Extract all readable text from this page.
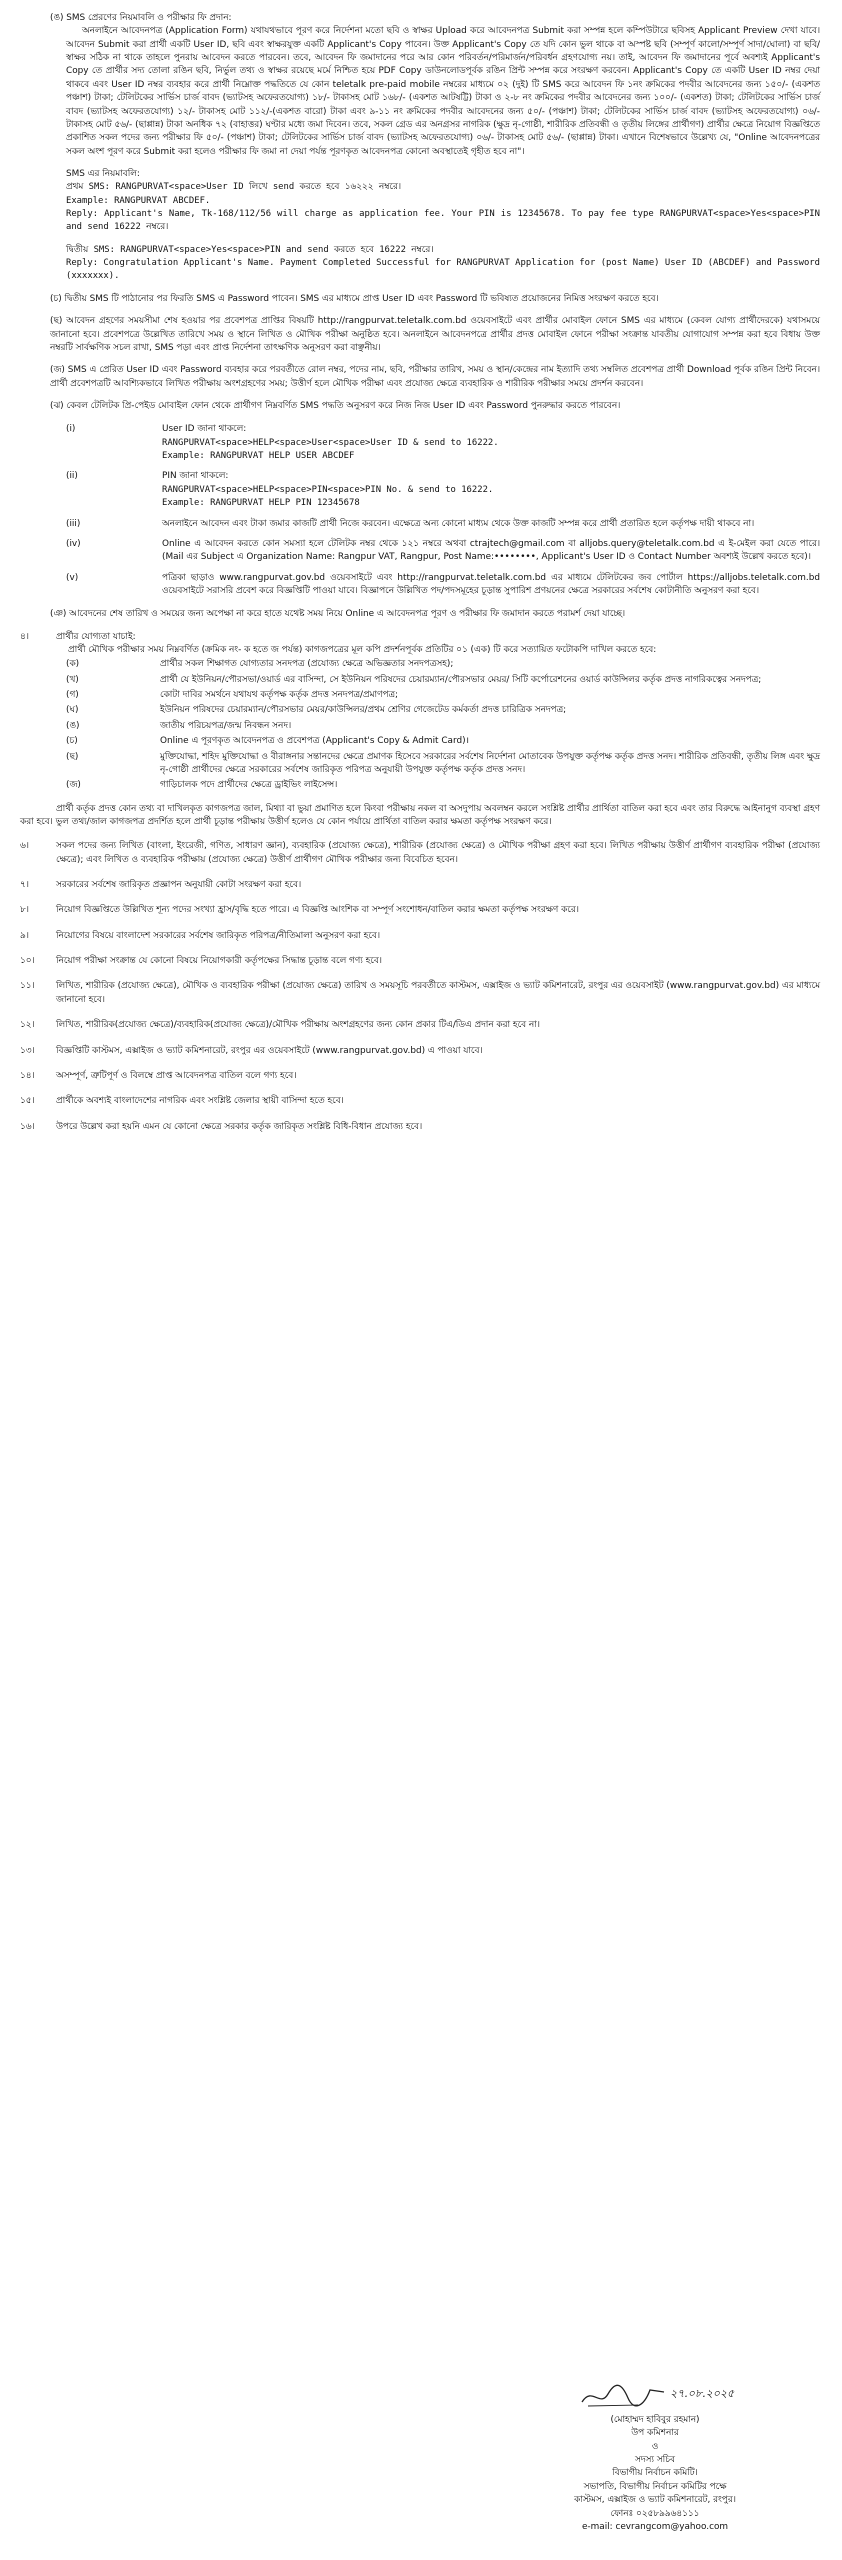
(ঙ) SMS প্রেরণের নিয়মাবলি ও পরীক্ষার ফি প্রদান:

অনলাইনে আবেদনপত্র (Application Form) যথাযথভাবে পূরণ করে নির্দেশনা মতো ছবি ও স্বাক্ষর Upload করে আবেদনপত্র Submit করা সম্পন্ন হলে কম্পিউটারে ছবিসহ Applicant Preview দেখা যাবে। আবেদন Submit করা প্রার্থী একটি User ID, ছবি এবং স্বাক্ষরযুক্ত একটি Applicant's Copy পাবেন। উক্ত Applicant's Copy তে যদি কোন ভুল থাকে বা অস্পষ্ট ছবি (সম্পূর্ণ কালো/সম্পূর্ণ সাদা/ঘোলা) বা ছবি/স্বাক্ষর সঠিক না থাকে তাহলে পুনরায় আবেদন করতে পারবেন। তবে, আবেদন ফি জমাদানের পরে আর কোন পরিবর্তন/পরিমার্জন/পরিবর্ধন গ্রহণযোগ্য নয়। তাই, আবেদন ফি জমাদানের পূর্বে অবশ্যই Applicant's Copy তে প্রার্থীর সদ্য তোলা রঙিন ছবি, নির্ভুল তথ্য ও স্বাক্ষর রয়েছে মর্মে নিশ্চিত হয়ে PDF Copy ডাউনলোডপূর্বক রঙিন প্রিন্ট সম্পন্ন করে সংরক্ষণ করবেন। Applicant's Copy তে একটি User ID নম্বর দেয়া থাকবে এবং User ID নম্বর ব্যবহার করে প্রার্থী নিম্নোক্ত পদ্ধতিতে যে কোন teletalk pre-paid mobile নম্বরের মাধ্যমে ০২ (দুই) টি SMS করে আবেদন ফি ১নং ক্রমিকের পদবীর আবেদনের জন্য ১৫০/- (একশত পঞ্চাশ) টাকা; টেলিটকের সার্ভিস চার্জ বাবদ (ভ্যাটসহ অফেরতযোগ্য) ১৮/- টাকাসহ মোট ১৬৮/- (একশত আটষট্টি) টাকা ও ২-৮ নং ক্রমিকের পদবীর আবেদনের জন্য ১০০/- (একশত) টাকা; টেলিটকের সার্ভিস চার্জ বাবদ (ভ্যাটসহ অফেরতযোগ্য) ১২/- টাকাসহ মোট ১১২/-(একশত বারো) টাকা এবং ৯-১১ নং ক্রমিকের পদবীর আবেদনের জন্য ৫০/- (পঞ্চাশ) টাকা; টেলিটকের সার্ভিস চার্জ বাবদ (ভ্যাটসহ অফেরতযোগ্য) ০৬/- টাকাসহ মোট ৫৬/- (ছাপ্পান্ন) টাকা অনধিক ৭২ (বাহাত্তর) ঘণ্টার মধ্যে জমা দিবেন। তবে, সকল গ্রেড এর অনগ্রসর নাগরিক (ক্ষুদ্র নৃ-গোষ্ঠী, শারীরিক প্রতিবন্ধী ও তৃতীয় লিঙ্গের প্রার্থীগণ) প্রার্থীর ক্ষেত্রে নিয়োগ বিজ্ঞপ্তিতে প্রকাশিত সকল পদের জন্য পরীক্ষার ফি ৫০/- (পঞ্চাশ) টাকা; টেলিটকের সার্ভিস চার্জ বাবদ (ভ্যাটসহ অফেরতযোগ্য) ০৬/- টাকাসহ মোট ৫৬/- (ছাপ্পান্ন) টাকা। এখানে বিশেষভাবে উল্লেখ্য যে, "Online আবেদনপত্রের সকল অংশ পূরণ করে Submit করা হলেও পরীক্ষার ফি জমা না দেয়া পর্যন্ত পূরণকৃত আবেদনপত্র কোনো অবস্থাতেই গৃহীত হবে না"।

SMS এর নিয়মাবলি:

প্রথম SMS: RANGPURVAT<space>User ID লিখে send করতে হবে ১৬২২২ নম্বরে।

Example: RANGPURVAT ABCDEF.

Reply: Applicant's Name, Tk-168/112/56 will charge as application fee. Your PIN is 12345678. To pay fee type RANGPURVAT<space>Yes<space>PIN and send 16222 নম্বরে।

দ্বিতীয় SMS: RANGPURVAT<space>Yes<space>PIN and send করতে হবে 16222 নম্বরে।

Reply: Congratulation Applicant's Name. Payment Completed Successful for RANGPURVAT Application for (post Name) User ID (ABCDEF) and Password (xxxxxxx).

(চ) দ্বিতীয় SMS টি পাঠানোর পর ফিরতি SMS এ Password পাবেন। SMS এর মাধ্যমে প্রাপ্ত User ID এবং Password টি ভবিষ্যত প্রয়োজনের নিমিত্ত সংরক্ষণ করতে হবে।

(ছ) আবেদন গ্রহণের সময়সীমা শেষ হওয়ার পর প্রবেশপত্র প্রাপ্তির বিষয়টি http://rangpurvat.teletalk.com.bd ওয়েবসাইটে এবং প্রার্থীর মোবাইল ফোনে SMS এর মাধ্যমে (কেবল যোগ্য প্রার্থীদেরকে) যথাসময়ে জানানো হবে। প্রবেশপত্রে উল্লেখিত তারিখে সময় ও স্থানে লিখিত ও মৌখিক পরীক্ষা অনুষ্ঠিত হবে। অনলাইনে আবেদনপত্রে প্রার্থীর প্রদত্ত মোবাইল ফোনে পরীক্ষা সংক্রান্ত যাবতীয় যোগাযোগ সম্পন্ন করা হবে বিধায় উক্ত নম্বরটি সার্বক্ষণিক সচল রাখা, SMS পড়া এবং প্রাপ্ত নির্দেশনা তাৎক্ষণিক অনুসরণ করা বাঞ্ছনীয়।

(জ) SMS এ প্রেরিত User ID এবং Password ব্যবহার করে পরবর্তীতে রোল নম্বর, পদের নাম, ছবি, পরীক্ষার তারিখ, সময় ও স্থান/কেন্দ্রের নাম ইত্যাদি তথ্য সম্বলিত প্রবেশপত্র প্রার্থী Download পূর্বক রঙিন প্রিন্ট নিবেন। প্রার্থী প্রবেশপত্রটি আবশ্যিকভাবে লিখিত পরীক্ষায় অংশগ্রহণের সময়; উত্তীর্ণ হলে মৌখিক পরীক্ষা এবং প্রযোজ্য ক্ষেত্রে ব্যবহারিক ও শারীরিক পরীক্ষার সময়ে প্রদর্শন করবেন।

(ঝ) কেবল টেলিটক প্রি-পেইড মোবাইল ফোন থেকে প্রার্থীগণ নিম্নবর্ণিত SMS পদ্ধতি অনুসরণ করে নিজ নিজ User ID এবং Password পুনরুদ্ধার করতে পারবেন।

(i)	User ID জানা থাকলে:
RANGPURVAT<space>HELP<space>User<space>User ID & send to 16222.
Example: RANGPURVAT HELP USER ABCDEF

(ii)	PIN জানা থাকলে:
RANGPURVAT<space>HELP<space>PIN<space>PIN No. & send to 16222.
Example: RANGPURVAT HELP PIN 12345678

(iii)	অনলাইনে আবেদন এবং টাকা জমার কাজটি প্রার্থী নিজে করবেন। এক্ষেত্রে অন্য কোনো মাধ্যম থেকে উক্ত কাজটি সম্পন্ন করে প্রার্থী প্রতারিত হলে কর্তৃপক্ষ দায়ী থাকবে না।
(iv)	Online এ আবেদন করতে কোন সমস্যা হলে টেলিটক নম্বর থেকে ১২১ নম্বরে অথবা ctrajtech@gmail.com বা alljobs.query@teletalk.com.bd এ ই-মেইল করা যেতে পারে। (Mail এর Subject এ Organization Name: Rangpur VAT, Rangpur, Post Name:••••••••, Applicant's User ID ও Contact Number অবশ্যই উল্লেখ করতে হবে)।
(v)	পত্রিকা ছাড়াও www.rangpurvat.gov.bd ওয়েবসাইটে এবং http://rangpurvat.teletalk.com.bd এর মাধ্যমে টেলিটকের জব পোর্টাল https://alljobs.teletalk.com.bd ওয়েবসাইটে সরাসরি প্রবেশ করে বিজ্ঞপ্তিটি পাওয়া যাবে। বিজ্ঞাপনে উল্লিখিত পদ/পদসমূহের চূড়ান্ত সুপারিশ প্রণয়নের ক্ষেত্রে সরকারের সর্বশেষ কোটানীতি অনুসরণ করা হবে।

(ঞ) আবেদনের শেষ তারিখ ও সময়ের জন্য অপেক্ষা না করে হাতে যথেষ্ট সময় নিয়ে Online এ আবেদনপত্র পূরণ ও পরীক্ষার ফি জমাদান করতে পরামর্শ দেয়া যাচ্ছে।

৪।	প্রার্থীর যোগ্যতা যাচাই:

প্রার্থী মৌখিক পরীক্ষার সময় নিম্নবর্ণিত (ক্রমিক নং- ক হতে জ পর্যন্ত) কাগজপত্রের মূল কপি প্রদর্শনপূর্বক প্রতিটির ০১ (এক) টি করে সত্যায়িত ফটোকপি দাখিল করতে হবে:

(ক)	প্রার্থীর সকল শিক্ষাগত যোগ্যতার সনদপত্র (প্রযোজ্য ক্ষেত্রে অভিজ্ঞতার সনদপত্রসহ);
(খ)	প্রার্থী যে ইউনিয়ন/পৌরসভা/ওয়ার্ড এর বাসিন্দা, সে ইউনিয়ন পরিষদের চেয়ারম্যান/পৌরসভার মেয়র/ সিটি কর্পোরেশনের ওয়ার্ড কাউন্সিলর কর্তৃক প্রদত্ত নাগরিকত্বের সনদপত্র;
(গ)	কোটা দাবির সমর্থনে যথাযথ কর্তৃপক্ষ কর্তৃক প্রদত্ত সনদপত্র/প্রমাণপত্র;
(ঘ)	ইউনিয়ন পরিষদের চেয়ারম্যান/পৌরসভার মেয়র/কাউন্সিলর/প্রথম শ্রেণির গেজেটেড কর্মকর্তা প্রদত্ত চারিত্রিক সনদপত্র;
(ঙ)	জাতীয় পরিচয়পত্র/জন্ম নিবন্ধন সনদ।
(চ)	Online এ পূরণকৃত আবেদনপত্র ও প্রবেশপত্র (Applicant's Copy & Admit Card)।
(ছ)	মুক্তিযোদ্ধা, শহিদ মুক্তিযোদ্ধা ও বীরাঙ্গনার সন্তানদের ক্ষেত্রে প্রমাণক হিসেবে সরকারের সর্বশেষ নির্দেশনা মোতাবেক উপযুক্ত কর্তৃপক্ষ কর্তৃক প্রদত্ত সনদ। শারীরিক প্রতিবন্ধী, তৃতীয় লিঙ্গ এবং ক্ষুদ্র নৃ-গোষ্ঠী প্রার্থীদের ক্ষেত্রে সরকারের সর্বশেষ জারিকৃত পরিপত্র অনুযায়ী উপযুক্ত কর্তৃপক্ষ কর্তৃক প্রদত্ত সনদ।
(জ)	গাড়িচালক পদে প্রার্থীদের ক্ষেত্রে ড্রাইভিং লাইসেন্স।

প্রার্থী কর্তৃক প্রদত্ত কোন তথ্য বা দাখিলকৃত কাগজপত্র জাল, মিথ্যা বা ভুয়া প্রমাণিত হলে কিংবা পরীক্ষায় নকল বা অসদুপায় অবলম্বন করলে সংশ্লিষ্ট প্রার্থীর প্রার্থিতা বাতিল করা হবে এবং তার বিরুদ্ধে আইনানুগ ব্যবস্থা গ্রহণ করা হবে। ভুল তথ্য/জাল কাগজপত্র প্রদর্শিত হলে প্রার্থী চূড়ান্ত পরীক্ষায় উত্তীর্ণ হলেও যে কোন পর্যায়ে প্রার্থিতা বাতিল করার ক্ষমতা কর্তৃপক্ষ সংরক্ষণ করে।

৬।	সকল পদের জন্য লিখিত (বাংলা, ইংরেজী, গণিত, সাধারণ জ্ঞান), ব্যবহারিক (প্রযোজ্য ক্ষেত্রে), শারীরিক (প্রযোজ্য ক্ষেত্রে) ও মৌখিক পরীক্ষা গ্রহণ করা হবে। লিখিত পরীক্ষায় উত্তীর্ণ প্রার্থীগণ ব্যবহারিক পরীক্ষা (প্রযোজ্য ক্ষেত্রে); এবং লিখিত ও ব্যবহারিক পরীক্ষায় (প্রযোজ্য ক্ষেত্রে) উত্তীর্ণ প্রার্থীগণ মৌখিক পরীক্ষার জন্য বিবেচিত হবেন।
৭।	সরকারের সর্বশেষ জারিকৃত প্রজ্ঞাপন অনুযায়ী কোটা সংরক্ষণ করা হবে।
৮।	নিয়োগ বিজ্ঞপ্তিতে উল্লিখিত শূন্য পদের সংখ্যা হ্রাস/বৃদ্ধি হতে পারে। এ বিজ্ঞপ্তি আংশিক বা সম্পূর্ণ সংশোধন/বাতিল করার ক্ষমতা কর্তৃপক্ষ সংরক্ষণ করে।
৯।	নিয়োগের বিষয়ে বাংলাদেশ সরকারের সর্বশেষ জারিকৃত পরিপত্র/নীতিমালা অনুসরণ করা হবে।
১০।	নিয়োগ পরীক্ষা সংক্রান্ত যে কোনো বিষয়ে নিয়োগকারী কর্তৃপক্ষের সিদ্ধান্ত চূড়ান্ত বলে গণ্য হবে।
১১।	লিখিত, শারীরিক (প্রযোজ্য ক্ষেত্রে), মৌখিক ও ব্যবহারিক পরীক্ষা (প্রযোজ্য ক্ষেত্রে) তারিখ ও সময়সূচি পরবর্তীতে কাস্টমস, এক্সাইজ ও ভ্যাট কমিশনারেট, রংপুর এর ওয়েবসাইট (www.rangpurvat.gov.bd) এর মাধ্যমে জানানো হবে।
১২।	লিখিত, শারীরিক(প্রযোজ্য ক্ষেত্রে)/ব্যবহারিক(প্রযোজ্য ক্ষেত্রে)/মৌখিক পরীক্ষায় অংশগ্রহণের জন্য কোন প্রকার টিএ/ডিএ প্রদান করা হবে না।
১৩।	বিজ্ঞপ্তিটি কাস্টমস, এক্সাইজ ও ভ্যাট কমিশনারেট, রংপুর এর ওয়েবসাইটে (www.rangpurvat.gov.bd) এ পাওয়া যাবে।
১৪।	অসম্পূর্ণ, ত্রুটিপূর্ণ ও বিলম্বে প্রাপ্ত আবেদনপত্র বাতিল বলে গণ্য হবে।
১৫।	প্রার্থীকে অবশ্যই বাংলাদেশের নাগরিক এবং সংশ্লিষ্ট জেলার স্থায়ী বাসিন্দা হতে হবে।
১৬।	উপরে উল্লেখ করা হয়নি এমন যে কোনো ক্ষেত্রে সরকার কর্তৃক জারিকৃত সংশ্লিষ্ট বিধি-বিধান প্রযোজ্য হবে।
২৭.০৮.২০২৫
(মোহাম্মদ হাবিবুর রহমান)
উপ কমিশনার
ও
সদস্য সচিব
বিভাগীয় নির্বাচন কমিটি।
সভাপতি, বিভাগীয় নির্বাচন কমিটির পক্ষে
কাস্টমস, এক্সাইজ ও ভ্যাট কমিশনারেট, রংপুর।
ফোনঃ ০২৫৮৯৯৬৪১১১
e-mail: cevrangcom@yahoo.com
